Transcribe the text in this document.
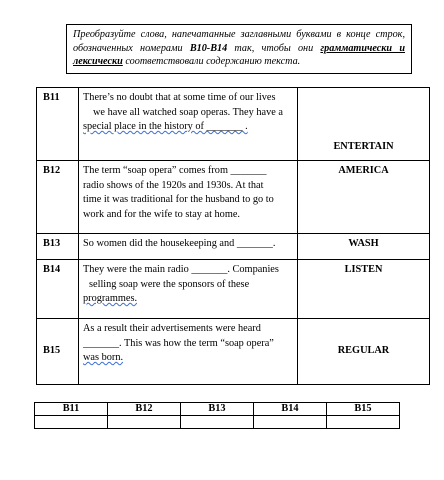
Преобразуйте слова, напечатанные заглавными буквами в конце строк, обозначенных номерами B10-B14 так, чтобы они грамматически и лексически соответствовали содержанию текста.
B11	There’s no doubt that at some time of our lives
we have all watched soap operas. They have a
special place in the history of _______ .	ENTERTAIN
B12	The term “soap opera” comes from _______
radio shows of the 1920s and 1930s. At that
time it was traditional for the husband to go to
work and for the wife to stay at home.	AMERICA
B13	So women did the housekeeping and _______.	WASH
B14	They were the main radio _______. Companies
selling soap were the sponsors of these
programmes.	LISTEN
B15	As a result their advertisements were heard
_______. This was how the term “soap opera”
was born.	REGULAR
B11	B12	B13	B14	B15
